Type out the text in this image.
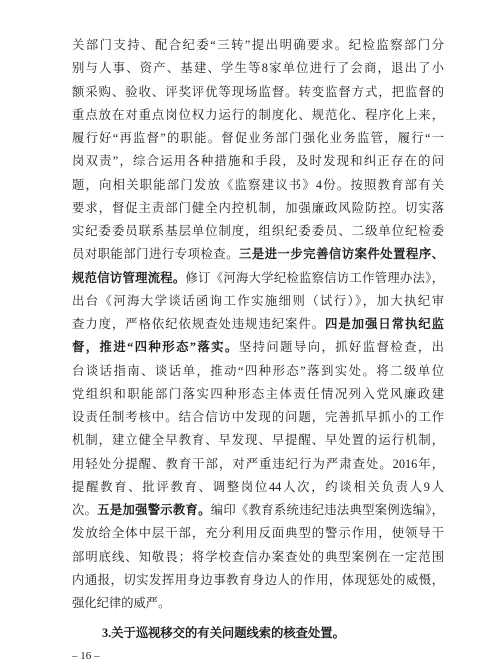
关部门支持、配合纪委“三转”提出明确要求。纪检监察部门分
别与人事、资产、基建、学生等8家单位进行了会商，退出了小
额采购、验收、评奖评优等现场监督。转变监督方式，把监督的
重点放在对重点岗位权力运行的制度化、规范化、程序化上来，
履行好“再监督”的职能。督促业务部门强化业务监管，履行“一
岗双责”，综合运用各种措施和手段，及时发现和纠正存在的问
题，向相关职能部门发放《监察建议书》4份。按照教育部有关
要求，督促主责部门健全内控机制，加强廉政风险防控。切实落
实纪委委员联系基层单位制度，组织纪委委员、二级单位纪检委
员对职能部门进行专项检查。三是进一步完善信访案件处置程序、
规范信访管理流程。修订《河海大学纪检监察信访工作管理办法》，
出台《河海大学谈话函询工作实施细则（试行）》，加大执纪审
查力度，严格依纪依规查处违规违纪案件。四是加强日常执纪监
督，推进“四种形态”落实。坚持问题导向，抓好监督检查，出
台谈话指南、谈话单，推动“四种形态”落到实处。将二级单位
党组织和职能部门落实四种形态主体责任情况列入党风廉政建
设责任制考核中。结合信访中发现的问题，完善抓早抓小的工作
机制，建立健全早教育、早发现、早提醒、早处置的运行机制，
用轻处分提醒、教育干部，对严重违纪行为严肃查处。2016年，
提醒教育、批评教育、调整岗位44人次，约谈相关负责人9人
次。五是加强警示教育。编印《教育系统违纪违法典型案例选编》，
发放给全体中层干部，充分利用反面典型的警示作用，使领导干
部明底线、知敬畏；将学校查信办案查处的典型案例在一定范围
内通报，切实发挥用身边事教育身边人的作用，体现惩处的威慑，
强化纪律的威严。
3.关于巡视移交的有关问题线索的核查处置。
– 16 –
